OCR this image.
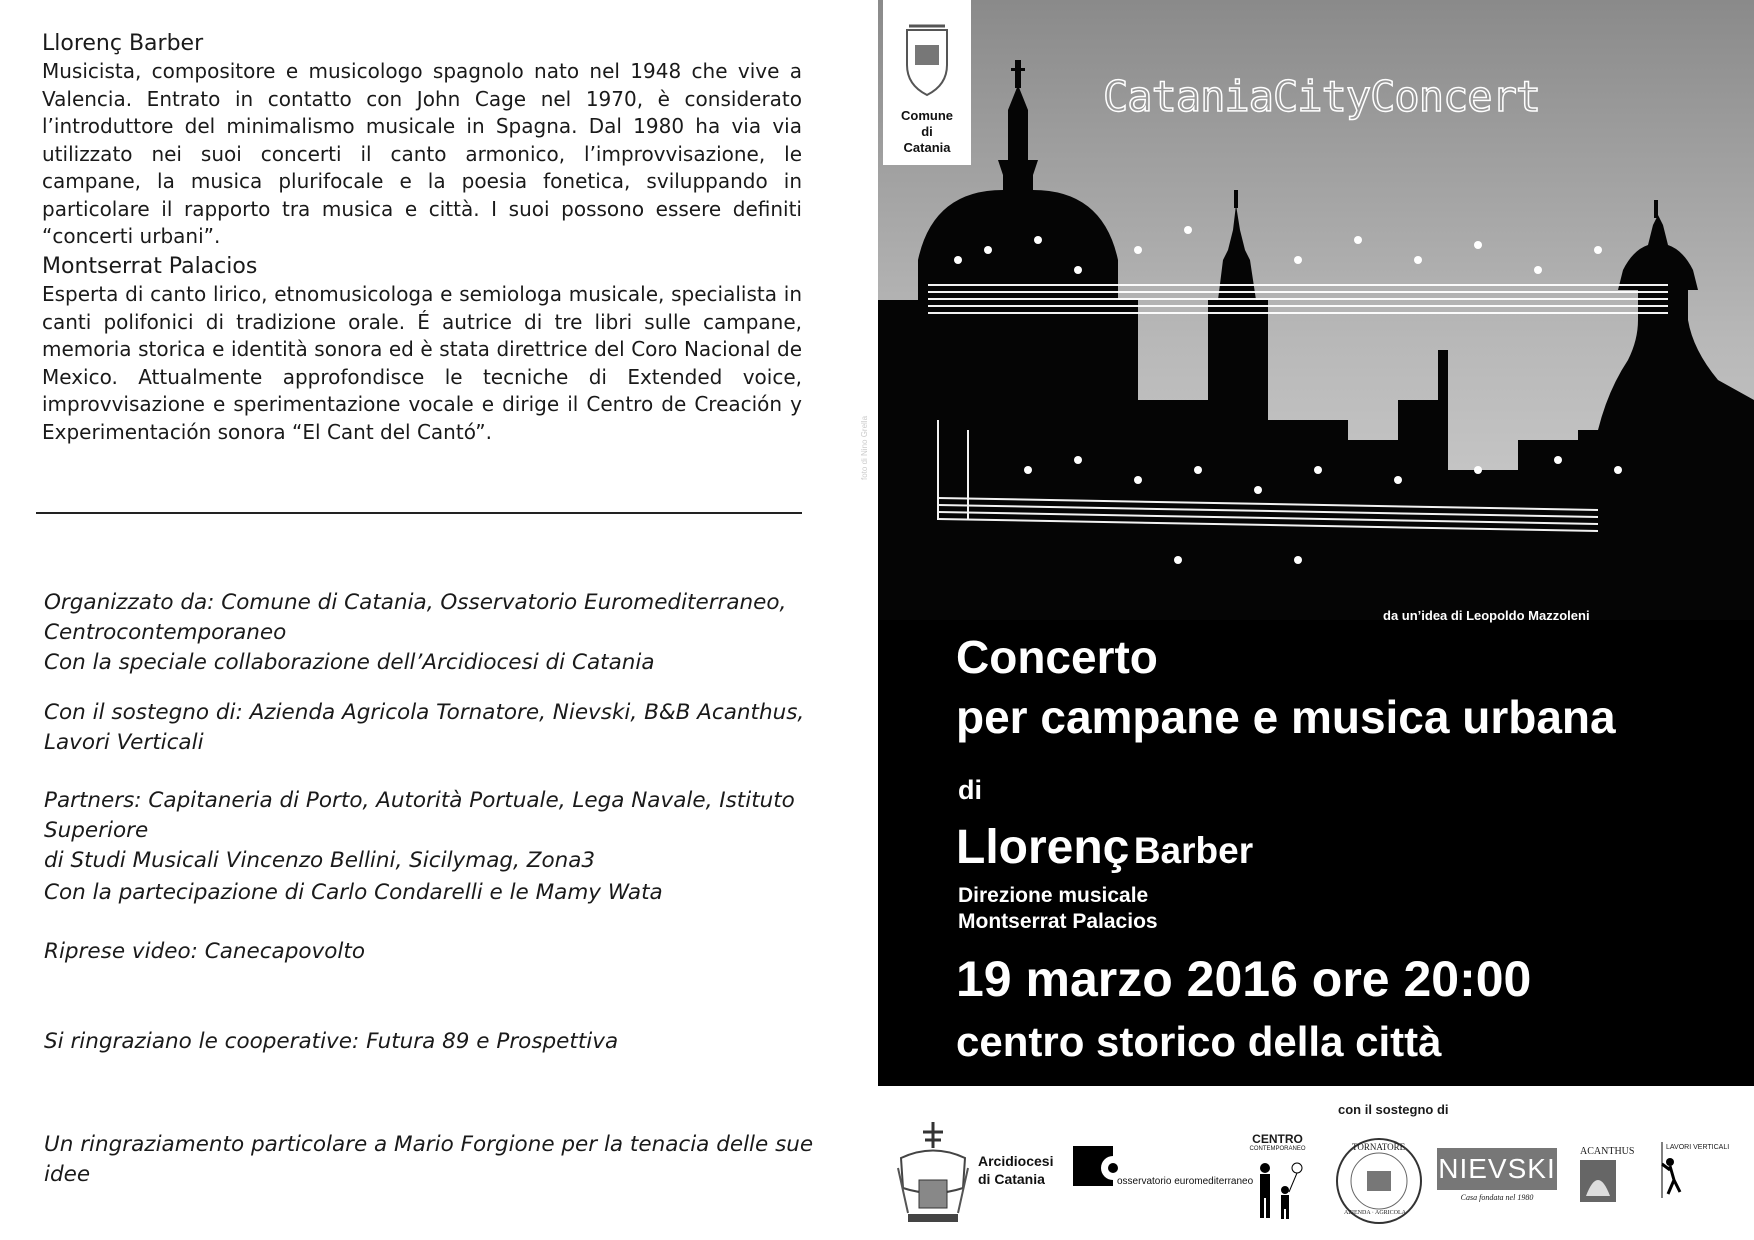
Llorenç Barber
Musicista, compositore e musicologo spagnolo nato nel 1948 che vive a Valencia. Entrato in contatto con John Cage nel 1970, è considerato l’introduttore del minimalismo musicale in Spagna. Dal 1980 ha via via utilizzato nei suoi concerti il canto armonico, l’improvvisazione, le campane, la musica plurifocale e la poesia fonetica, sviluppando in particolare il rapporto tra musica e città. I suoi possono essere definiti “concerti urbani”.
Montserrat Palacios
Esperta di canto lirico, etnomusicologa e semiologa musicale, specialista in canti polifonici di tradizione orale. É autrice di tre libri sulle campane, memoria storica e identità sonora ed è stata direttrice del Coro Nacional de Mexico. Attualmente approfondisce le tecniche di Extended voice, improvvisazione e sperimentazione vocale e dirige il Centro de Creación y Experimentación sonora “El Cant del Cantó”.

Organizzato da: Comune di Catania, Osservatorio Euromediterraneo,

Centrocontemporaneo

Con la speciale collaborazione dell’Arcidiocesi di Catania

Con il sostegno di: Azienda Agricola Tornatore, Nievski, B&B Acanthus,

Lavori Verticali

Partners: Capitaneria di Porto, Autorità Portuale, Lega Navale, Istituto Superiore

di Studi Musicali Vincenzo Bellini, Sicilymag, Zona3

Con la partecipazione di Carlo Condarelli e le Mamy Wata

Riprese video: Canecapovolto

Si ringraziano le cooperative: Futura 89 e Prospettiva

Un ringraziamento particolare a Mario Forgione per la tenacia delle sue idee

Comune
di
Catania
CataniaCityConcert
foto di Nino Grella
da un’idea di Leopoldo Mazzoleni
Concerto
per campane e musica urbana
di
Llorenç Barber
Direzione musicale
Montserrat Palacios
19 marzo 2016 ore 20:00
centro storico della città
con il sostegno di
Arcidiocesi
di Catania	osservatorio euromediterraneo
CENTRO
CONTEMPORANEO	TORNATORE
AZIENDA · AGRICOLA
NIEVSKI
Casa fondata nel 1980
ACANTHUS	LAVORI VERTICALI
